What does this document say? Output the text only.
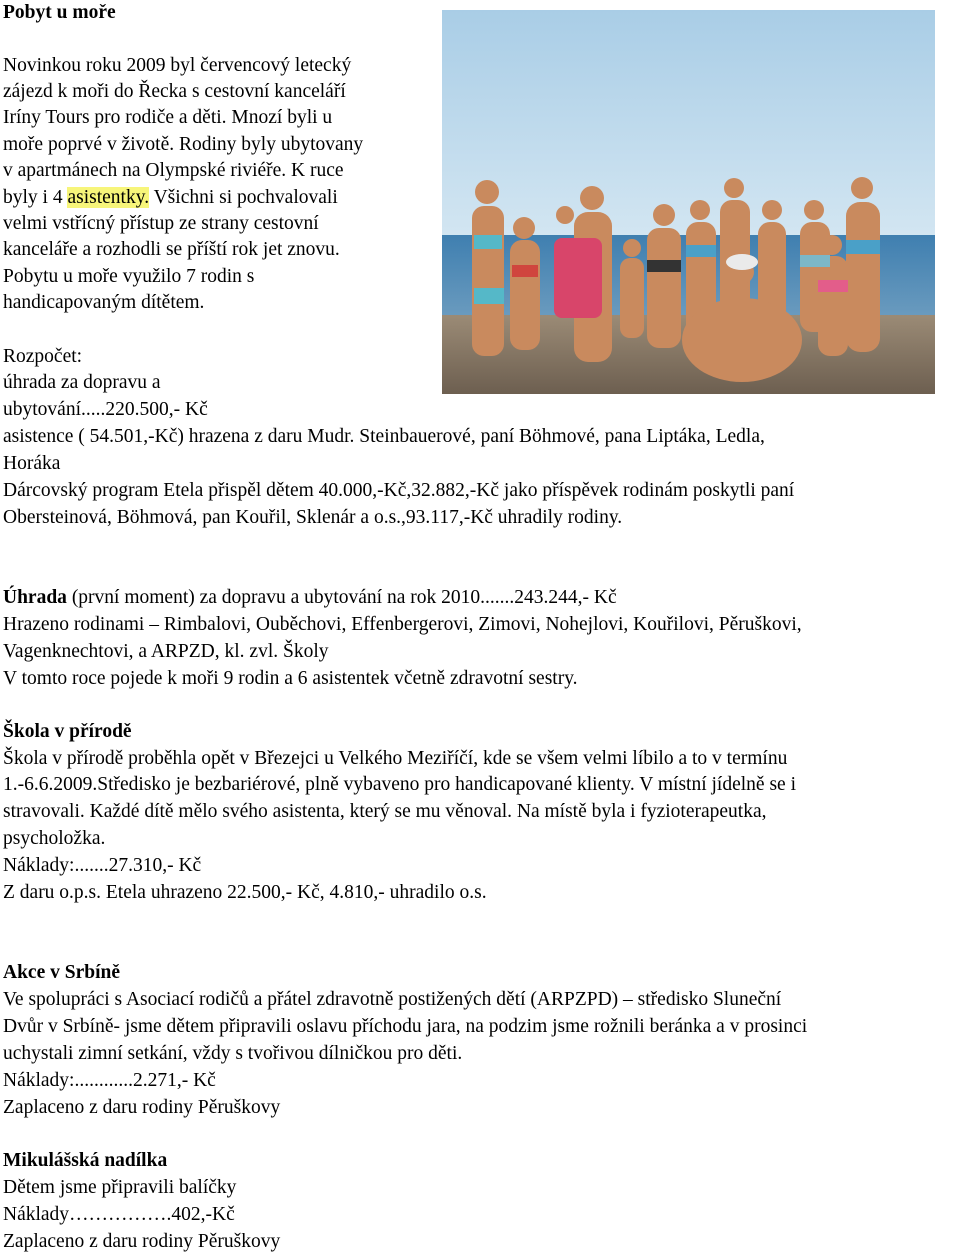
Pobyt u moře
Novinkou roku 2009 byl červencový letecký
zájezd k moři do Řecka s cestovní kanceláří
Iríny Tours pro rodiče a děti. Mnozí byli u
moře poprvé v životě. Rodiny byly ubytovany
v apartmánech na Olympské riviéře. K ruce
byly i 4 asistentky. Všichni si pochvalovali
velmi vstřícný přístup ze strany cestovní
kanceláře a rozhodli se příští rok jet znovu.
Pobytu u moře využilo 7 rodin s
handicapovaným dítětem.
Rozpočet:
úhrada za dopravu a
ubytování.....220.500,- Kč
asistence ( 54.501,-Kč) hrazena z daru Mudr. Steinbauerové, paní Böhmové, pana Liptáka, Ledla,
Horáka
Dárcovský program Etela přispěl dětem 40.000,-Kč,32.882,-Kč jako příspěvek rodinám poskytli paní
Obersteinová, Böhmová, pan Kouřil, Sklenár a o.s.,93.117,-Kč uhradily rodiny.
Úhrada (první moment) za dopravu a ubytování na rok 2010.......243.244,- Kč
Hrazeno rodinami – Rimbalovi, Ouběchovi, Effenbergerovi, Zimovi, Nohejlovi, Kouřilovi, Pěruškovi,
Vagenknechtovi, a ARPZD, kl. zvl. Školy
V tomto roce pojede k moři 9 rodin a 6 asistentek včetně zdravotní sestry.
Škola v přírodě
Škola v přírodě proběhla opět v Březejci u Velkého Meziříčí, kde se všem velmi líbilo a to v termínu
1.-6.6.2009.Středisko je bezbariérové, plně vybaveno pro handicapované klienty. V místní jídelně se i
stravovali. Každé dítě mělo svého asistenta, který se mu věnoval. Na místě byla i fyzioterapeutka,
psycholožka.
Náklady:.......27.310,- Kč
Z daru o.p.s. Etela uhrazeno 22.500,- Kč, 4.810,- uhradilo o.s.
Akce v Srbíně
Ve spolupráci s Asociací rodičů a přátel zdravotně postižených dětí (ARPZPD) – středisko Sluneční
Dvůr v Srbíně- jsme dětem připravili oslavu příchodu jara, na podzim jsme rožnili beránka a v prosinci
uchystali zimní setkání, vždy s tvořivou dílničkou pro děti.
Náklady:............2.271,- Kč
Zaplaceno z daru rodiny Pěruškovy
Mikulášská nadílka
Dětem jsme připravili balíčky
Náklady…………….402,-Kč
Zaplaceno z daru rodiny Pěruškovy
